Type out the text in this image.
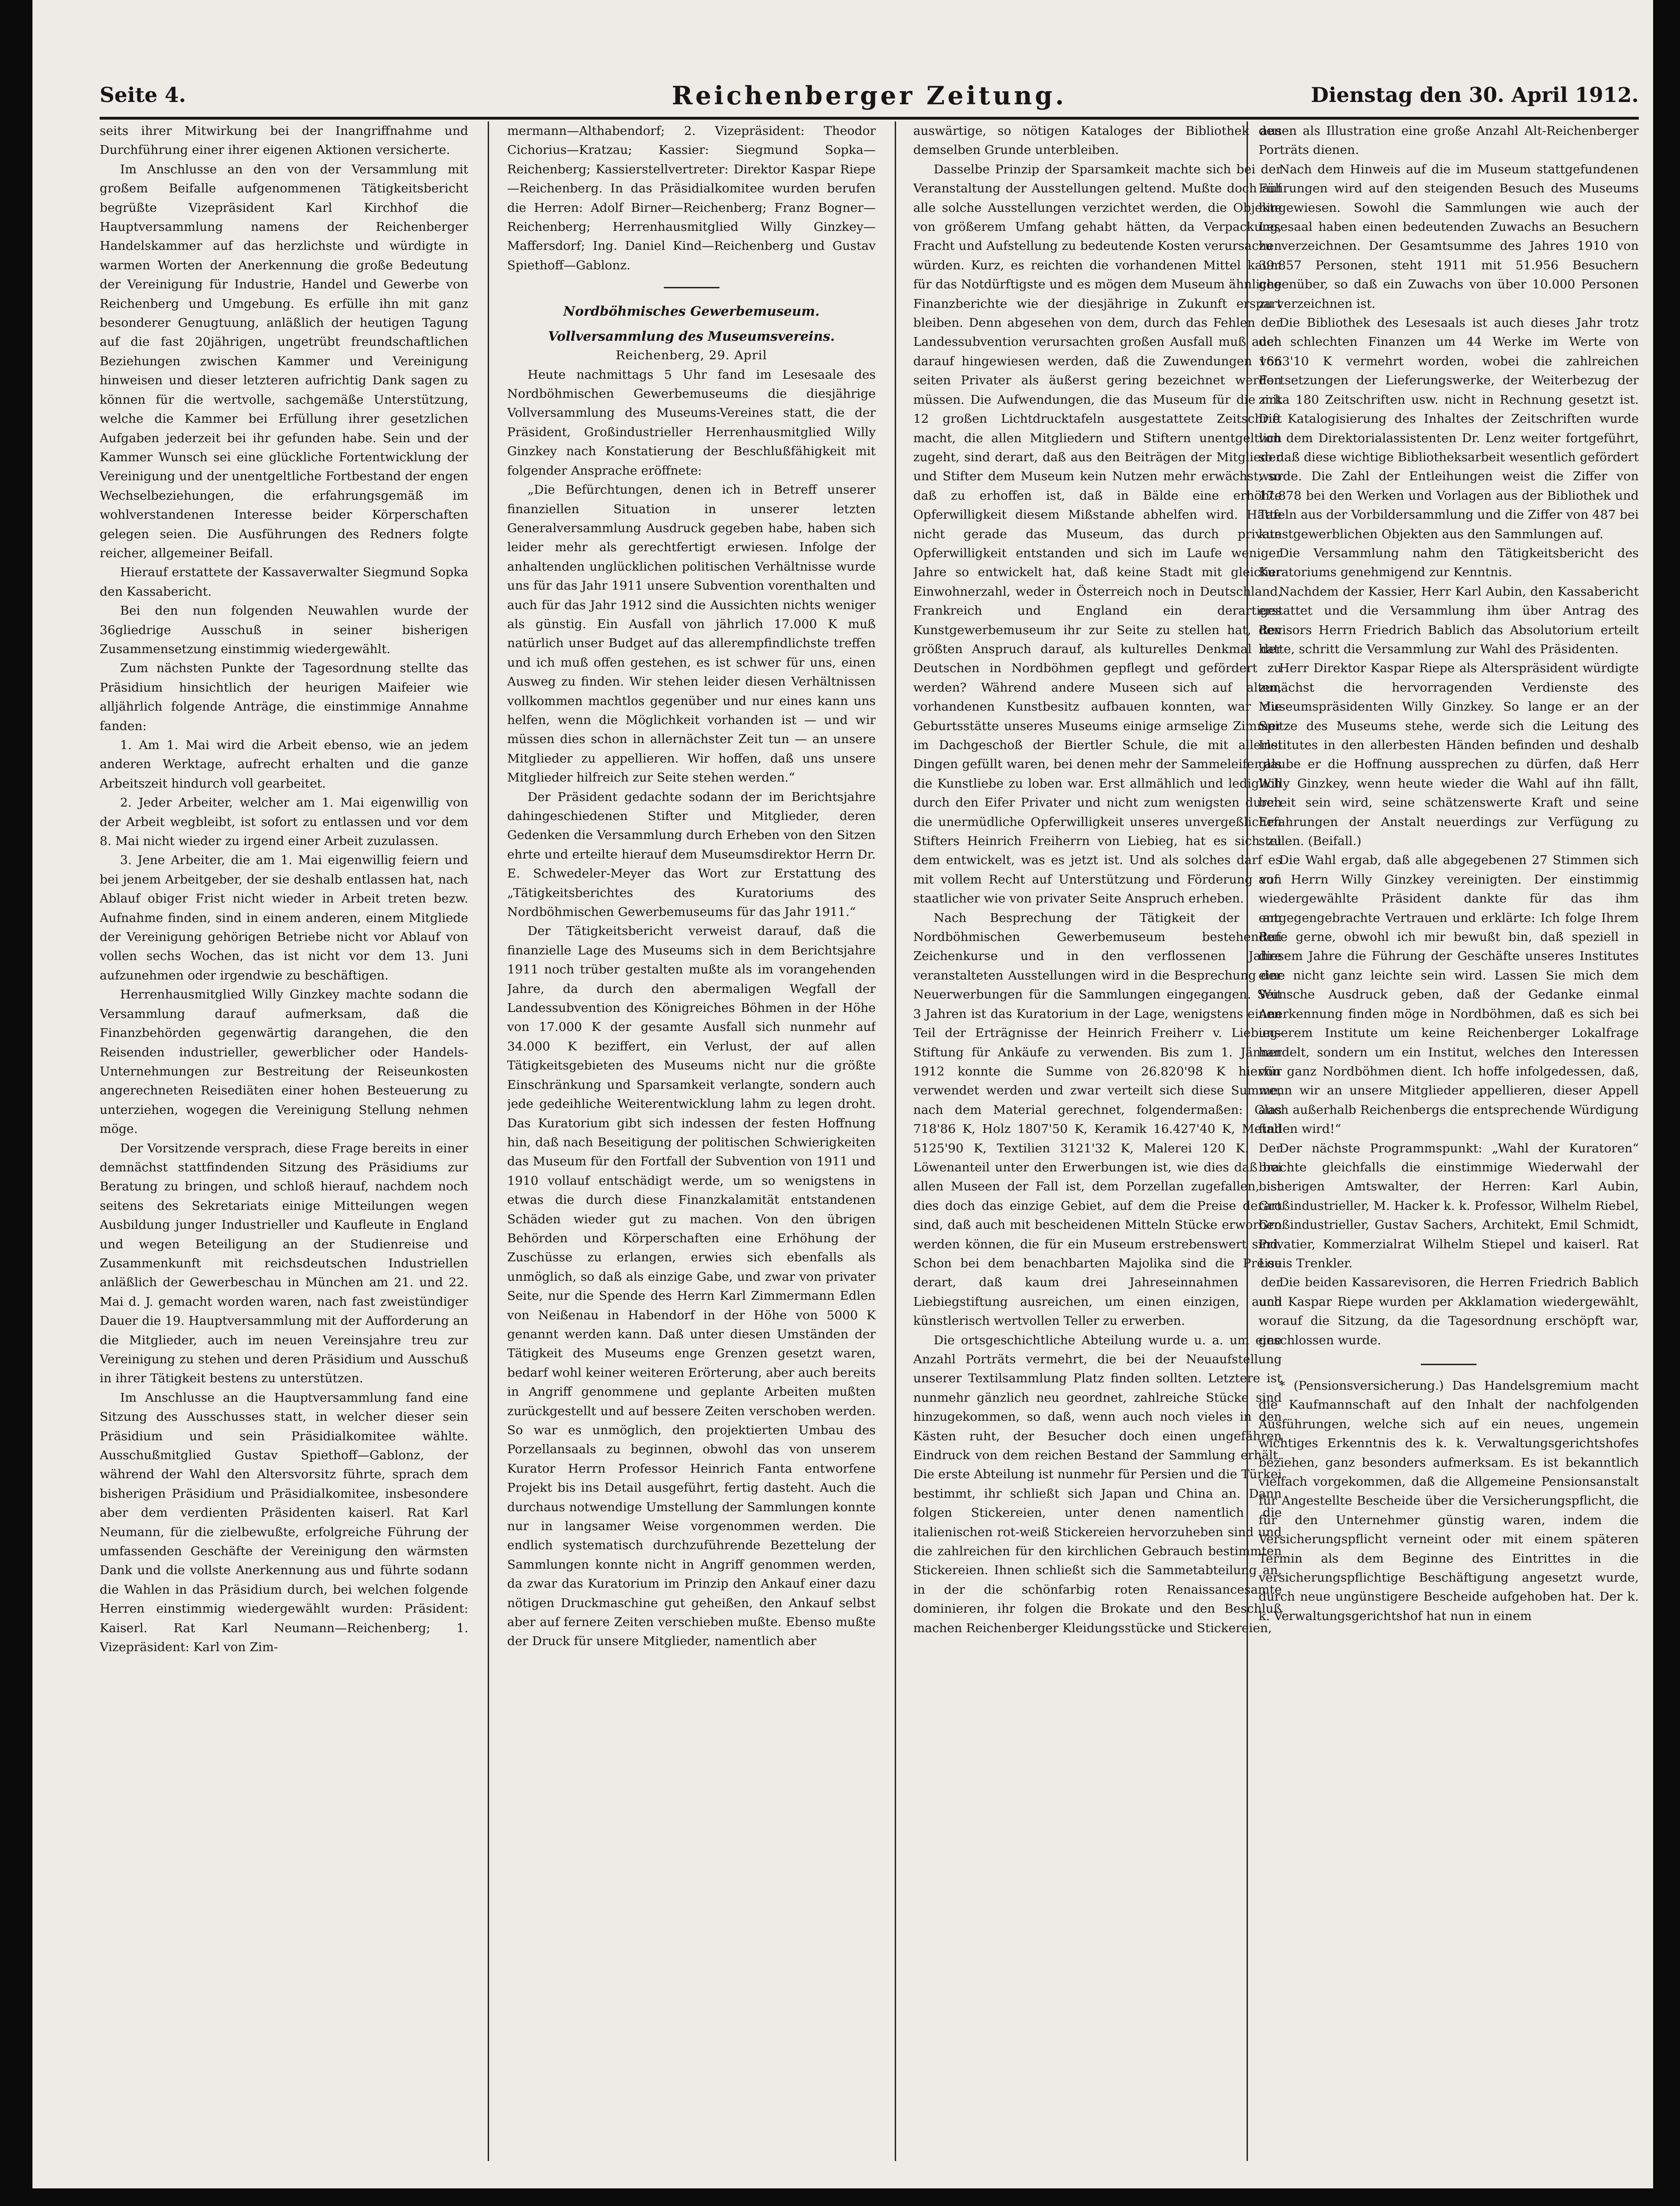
Seite 4.	Reichenberger Zeitung.	Dienstag den 30. April 1912.

seits ihrer Mitwirkung bei der Inangriffnahme und Durchführung einer ihrer eigenen Aktionen versicherte.

Im Anschlusse an den von der Versammlung mit großem Beifalle aufgenommenen Tätigkeitsbericht begrüßte Vizepräsident Karl Kirchhof die Hauptversammlung namens der Reichenberger Handelskammer auf das herzlichste und würdigte in warmen Worten der Anerkennung die große Bedeutung der Vereinigung für Industrie, Handel und Gewerbe von Reichenberg und Umgebung. Es erfülle ihn mit ganz besonderer Genugtuung, anläßlich der heutigen Tagung auf die fast 20jährigen, ungetrübt freundschaftlichen Beziehungen zwischen Kammer und Vereinigung hinweisen und dieser letzteren aufrichtig Dank sagen zu können für die wertvolle, sachgemäße Unterstützung, welche die Kammer bei Erfüllung ihrer gesetzlichen Aufgaben jederzeit bei ihr gefunden habe. Sein und der Kammer Wunsch sei eine glückliche Fortentwicklung der Vereinigung und der unentgeltliche Fortbestand der engen Wechselbeziehungen, die erfahrungsgemäß im wohlverstandenen Interesse beider Körperschaften gelegen seien. Die Ausführungen des Redners folgte reicher, allgemeiner Beifall.

Hierauf erstattete der Kassaverwalter Siegmund Sopka den Kassabericht.

Bei den nun folgenden Neuwahlen wurde der 36gliedrige Ausschuß in seiner bisherigen Zusammensetzung einstimmig wiedergewählt.

Zum nächsten Punkte der Tagesordnung stellte das Präsidium hinsichtlich der heurigen Maifeier wie alljährlich folgende Anträge, die einstimmige Annahme fanden:

1. Am 1. Mai wird die Arbeit ebenso, wie an jedem anderen Werktage, aufrecht erhalten und die ganze Arbeitszeit hindurch voll gearbeitet.

2. Jeder Arbeiter, welcher am 1. Mai eigenwillig von der Arbeit wegbleibt, ist sofort zu entlassen und vor dem 8. Mai nicht wieder zu irgend einer Arbeit zuzulassen.

3. Jene Arbeiter, die am 1. Mai eigenwillig feiern und bei jenem Arbeitgeber, der sie deshalb entlassen hat, nach Ablauf obiger Frist nicht wieder in Arbeit treten bezw. Aufnahme finden, sind in einem anderen, einem Mitgliede der Vereinigung gehörigen Betriebe nicht vor Ablauf von vollen sechs Wochen, das ist nicht vor dem 13. Juni aufzunehmen oder irgendwie zu beschäftigen.

Herrenhausmitglied Willy Ginzkey machte sodann die Versammlung darauf aufmerksam, daß die Finanzbehörden gegenwärtig darangehen, die den Reisenden industrieller, gewerblicher oder Handels-Unternehmungen zur Bestreitung der Reiseunkosten angerechneten Reisediäten einer hohen Besteuerung zu unterziehen, wogegen die Vereinigung Stellung nehmen möge.

Der Vorsitzende versprach, diese Frage bereits in einer demnächst stattfindenden Sitzung des Präsidiums zur Beratung zu bringen, und schloß hierauf, nachdem noch seitens des Sekretariats einige Mitteilungen wegen Ausbildung junger Industrieller und Kaufleute in England und wegen Beteiligung an der Studienreise und Zusammenkunft mit reichsdeutschen Industriellen anläßlich der Gewerbeschau in München am 21. und 22. Mai d. J. gemacht worden waren, nach fast zweistündiger Dauer die 19. Hauptversammlung mit der Aufforderung an die Mitglieder, auch im neuen Vereinsjahre treu zur Vereinigung zu stehen und deren Präsidium und Ausschuß in ihrer Tätigkeit bestens zu unterstützen.

Im Anschlusse an die Hauptversammlung fand eine Sitzung des Ausschusses statt, in welcher dieser sein Präsidium und sein Präsidialkomitee wählte. Ausschußmitglied Gustav Spiethoff—Gablonz, der während der Wahl den Altersvorsitz führte, sprach dem bisherigen Präsidium und Präsidialkomitee, insbesondere aber dem verdienten Präsidenten kaiserl. Rat Karl Neumann, für die zielbewußte, erfolgreiche Führung der umfassenden Geschäfte der Vereinigung den wärmsten Dank und die vollste Anerkennung aus und führte sodann die Wahlen in das Präsidium durch, bei welchen folgende Herren einstimmig wiedergewählt wurden: Präsident: Kaiserl. Rat Karl Neumann—Reichenberg; 1. Vizepräsident: Karl von Zim-

mermann—Althabendorf; 2. Vizepräsident: Theodor Cichorius—Kratzau; Kassier: Siegmund Sopka—Reichenberg; Kassierstellvertreter: Direktor Kaspar Riepe—Reichenberg. In das Präsidialkomitee wurden berufen die Herren: Adolf Birner—Reichenberg; Franz Bogner—Reichenberg; Herrenhausmitglied Willy Ginzkey—Maffersdorf; Ing. Daniel Kind—Reichenberg und Gustav Spiethoff—Gablonz.

Nordböhmisches Gewerbemuseum.
Vollversammlung des Museumsvereins.

Reichenberg, 29. April

Heute nachmittags 5 Uhr fand im Lesesaale des Nordböhmischen Gewerbemuseums die diesjährige Vollversammlung des Museums-Vereines statt, die der Präsident, Großindustrieller Herrenhausmitglied Willy Ginzkey nach Konstatierung der Beschlußfähigkeit mit folgender Ansprache eröffnete:

„Die Befürchtungen, denen ich in Betreff unserer finanziellen Situation in unserer letzten Generalversammlung Ausdruck gegeben habe, haben sich leider mehr als gerechtfertigt erwiesen. Infolge der anhaltenden unglücklichen politischen Verhältnisse wurde uns für das Jahr 1911 unsere Subvention vorenthalten und auch für das Jahr 1912 sind die Aussichten nichts weniger als günstig. Ein Ausfall von jährlich 17.000 K muß natürlich unser Budget auf das allerempfindlichste treffen und ich muß offen gestehen, es ist schwer für uns, einen Ausweg zu finden. Wir stehen leider diesen Verhältnissen vollkommen machtlos gegenüber und nur eines kann uns helfen, wenn die Möglichkeit vorhanden ist — und wir müssen dies schon in allernächster Zeit tun — an unsere Mitglieder zu appellieren. Wir hoffen, daß uns unsere Mitglieder hilfreich zur Seite stehen werden.“

Der Präsident gedachte sodann der im Berichtsjahre dahingeschiedenen Stifter und Mitglieder, deren Gedenken die Versammlung durch Erheben von den Sitzen ehrte und erteilte hierauf dem Museumsdirektor Herrn Dr. E. Schwedeler-Meyer das Wort zur Erstattung des „Tätigkeitsberichtes des Kuratoriums des Nordböhmischen Gewerbemuseums für das Jahr 1911.“

Der Tätigkeitsbericht verweist darauf, daß die finanzielle Lage des Museums sich in dem Berichtsjahre 1911 noch trüber gestalten mußte als im vorangehenden Jahre, da durch den abermaligen Wegfall der Landessubvention des Königreiches Böhmen in der Höhe von 17.000 K der gesamte Ausfall sich nunmehr auf 34.000 K beziffert, ein Verlust, der auf allen Tätigkeitsgebieten des Museums nicht nur die größte Einschränkung und Sparsamkeit verlangte, sondern auch jede gedeihliche Weiterentwicklung lahm zu legen droht. Das Kuratorium gibt sich indessen der festen Hoffnung hin, daß nach Beseitigung der politischen Schwierigkeiten das Museum für den Fortfall der Subvention von 1911 und 1910 vollauf entschädigt werde, um so wenigstens in etwas die durch diese Finanzkalamität entstandenen Schäden wieder gut zu machen. Von den übrigen Behörden und Körperschaften eine Erhöhung der Zuschüsse zu erlangen, erwies sich ebenfalls als unmöglich, so daß als einzige Gabe, und zwar von privater Seite, nur die Spende des Herrn Karl Zimmermann Edlen von Neißenau in Habendorf in der Höhe von 5000 K genannt werden kann. Daß unter diesen Umständen der Tätigkeit des Museums enge Grenzen gesetzt waren, bedarf wohl keiner weiteren Erörterung, aber auch bereits in Angriff genommene und geplante Arbeiten mußten zurückgestellt und auf bessere Zeiten verschoben werden. So war es unmöglich, den projektierten Umbau des Porzellansaals zu beginnen, obwohl das von unserem Kurator Herrn Professor Heinrich Fanta entworfene Projekt bis ins Detail ausgeführt, fertig dasteht. Auch die durchaus notwendige Umstellung der Sammlungen konnte nur in langsamer Weise vorgenommen werden. Die endlich systematisch durchzuführende Bezettelung der Sammlungen konnte nicht in Angriff genommen werden, da zwar das Kuratorium im Prinzip den Ankauf einer dazu nötigen Druckmaschine gut geheißen, den Ankauf selbst aber auf fernere Zeiten verschieben mußte. Ebenso mußte der Druck für unsere Mitglieder, namentlich aber

auswärtige, so nötigen Kataloges der Bibliothek aus demselben Grunde unterbleiben.

Dasselbe Prinzip der Sparsamkeit machte sich bei der Veranstaltung der Ausstellungen geltend. Mußte doch auf alle solche Ausstellungen verzichtet werden, die Objekte von größerem Umfang gehabt hätten, da Verpackung, Fracht und Aufstellung zu bedeutende Kosten verursachen würden. Kurz, es reichten die vorhandenen Mittel kaum für das Notdürftigste und es mögen dem Museum ähnliche Finanzberichte wie der diesjährige in Zukunft erspart bleiben. Denn abgesehen von dem, durch das Fehlen der Landessubvention verursachten großen Ausfall muß auch darauf hingewiesen werden, daß die Zuwendungen von seiten Privater als äußerst gering bezeichnet werden müssen. Die Aufwendungen, die das Museum für die mit 12 großen Lichtdrucktafeln ausgestattete Zeitschrift macht, die allen Mitgliedern und Stiftern unentgeltlich zugeht, sind derart, daß aus den Beiträgen der Mitglieder und Stifter dem Museum kein Nutzen mehr erwächst, so daß zu erhoffen ist, daß in Bälde eine erhöhte Opferwilligkeit diesem Mißstande abhelfen wird. Hätte nicht gerade das Museum, das durch private Opferwilligkeit entstanden und sich im Laufe weniger Jahre so entwickelt hat, daß keine Stadt mit gleicher Einwohnerzahl, weder in Österreich noch in Deutschland, Frankreich und England ein derartiges Kunstgewerbemuseum ihr zur Seite zu stellen hat, den größten Anspruch darauf, als kulturelles Denkmal der Deutschen in Nordböhmen gepflegt und gefördert zu werden? Während andere Museen sich auf alten, vorhandenen Kunstbesitz aufbauen konnten, war die Geburtsstätte unseres Museums einige armselige Zimmer im Dachgeschoß der Biertler Schule, die mit allerlei Dingen gefüllt waren, bei denen mehr der Sammeleifer als die Kunstliebe zu loben war. Erst allmählich und lediglich durch den Eifer Privater und nicht zum wenigsten durch die unermüdliche Opferwilligkeit unseres unvergeßlichen Stifters Heinrich Freiherrn von Liebieg, hat es sich zu dem entwickelt, was es jetzt ist. Und als solches darf es mit vollem Recht auf Unterstützung und Förderung von staatlicher wie von privater Seite Anspruch erheben.

Nach Besprechung der Tätigkeit der am Nordböhmischen Gewerbemuseum bestehenden Zeichenkurse und in den verflossenen Jahre veranstalteten Ausstellungen wird in die Besprechung der Neuerwerbungen für die Sammlungen eingegangen. Seit 3 Jahren ist das Kuratorium in der Lage, wenigstens einen Teil der Erträgnisse der Heinrich Freiherr v. Liebieg-Stiftung für Ankäufe zu verwenden. Bis zum 1. Jänner 1912 konnte die Summe von 26.820'98 K hierfür verwendet werden und zwar verteilt sich diese Summe, nach dem Material gerechnet, folgendermaßen: Glas 718'86 K, Holz 1807'50 K, Keramik 16.427'40 K, Metall 5125'90 K, Textilien 3121'32 K, Malerei 120 K. Der Löwenanteil unter den Erwerbungen ist, wie dies daß bei allen Museen der Fall ist, dem Porzellan zugefallen, ist dies doch das einzige Gebiet, auf dem die Preise derart sind, daß auch mit bescheidenen Mitteln Stücke erworben werden können, die für ein Museum erstrebenswert sind. Schon bei dem benachbarten Majolika sind die Preise derart, daß kaum drei Jahreseinnahmen der Liebiegstiftung ausreichen, um einen einzigen, auch künstlerisch wertvollen Teller zu erwerben.

Die ortsgeschichtliche Abteilung wurde u. a. um eine Anzahl Porträts vermehrt, die bei der Neuaufstellung unserer Textilsammlung Platz finden sollten. Letztere ist nunmehr gänzlich neu geordnet, zahlreiche Stücke sind hinzugekommen, so daß, wenn auch noch vieles in den Kästen ruht, der Besucher doch einen ungefähren Eindruck von dem reichen Bestand der Sammlung erhält. Die erste Abteilung ist nunmehr für Persien und die Türkei bestimmt, ihr schließt sich Japan und China an. Dann folgen Stickereien, unter denen namentlich die italienischen rot-weiß Stickereien hervorzuheben sind und die zahlreichen für den kirchlichen Gebrauch bestimmten Stickereien. Ihnen schließt sich die Sammetabteilung an, in der die schönfarbig roten Renaissancesamte dominieren, ihr folgen die Brokate und den Beschluß machen Reichenberger Kleidungsstücke und Stickereien,

denen als Illustration eine große Anzahl Alt-Reichenberger Porträts dienen.

Nach dem Hinweis auf die im Museum stattgefundenen Führungen wird auf den steigenden Besuch des Museums hingewiesen. Sowohl die Sammlungen wie auch der Lesesaal haben einen bedeutenden Zuwachs an Besuchern zu verzeichnen. Der Gesamtsumme des Jahres 1910 von 39.857 Personen, steht 1911 mit 51.956 Besuchern gegenüber, so daß ein Zuwachs von über 10.000 Personen zu verzeichnen ist.

Die Bibliothek des Lesesaals ist auch dieses Jahr trotz der schlechten Finanzen um 44 Werke im Werte von 1663'10 K vermehrt worden, wobei die zahlreichen Fortsetzungen der Lieferungswerke, der Weiterbezug der zirka 180 Zeitschriften usw. nicht in Rechnung gesetzt ist. Die Katalogisierung des Inhaltes der Zeitschriften wurde von dem Direktorialassistenten Dr. Lenz weiter fortgeführt, so daß diese wichtige Bibliotheksarbeit wesentlich gefördert wurde. Die Zahl der Entleihungen weist die Ziffer von 17.878 bei den Werken und Vorlagen aus der Bibliothek und Tafeln aus der Vorbildersammlung und die Ziffer von 487 bei kunstgewerblichen Objekten aus den Sammlungen auf.

Die Versammlung nahm den Tätigkeitsbericht des Kuratoriums genehmigend zur Kenntnis.

Nachdem der Kassier, Herr Karl Aubin, den Kassabericht erstattet und die Versammlung ihm über Antrag des Revisors Herrn Friedrich Bablich das Absolutorium erteilt hatte, schritt die Versammlung zur Wahl des Präsidenten.

Herr Direktor Kaspar Riepe als Alterspräsident würdigte zunächst die hervorragenden Verdienste des Museumspräsidenten Willy Ginzkey. So lange er an der Spitze des Museums stehe, werde sich die Leitung des Institutes in den allerbesten Händen befinden und deshalb glaube er die Hoffnung aussprechen zu dürfen, daß Herr Willy Ginzkey, wenn heute wieder die Wahl auf ihn fällt, bereit sein wird, seine schätzenswerte Kraft und seine Erfahrungen der Anstalt neuerdings zur Verfügung zu stellen. (Beifall.)

Die Wahl ergab, daß alle abgegebenen 27 Stimmen sich auf Herrn Willy Ginzkey vereinigten. Der einstimmig wiedergewählte Präsident dankte für das ihm entgegengebrachte Vertrauen und erklärte: Ich folge Ihrem Rufe gerne, obwohl ich mir bewußt bin, daß speziell in diesem Jahre die Führung der Geschäfte unseres Institutes eine nicht ganz leichte sein wird. Lassen Sie mich dem Wunsche Ausdruck geben, daß der Gedanke einmal Anerkennung finden möge in Nordböhmen, daß es sich bei unserem Institute um keine Reichenberger Lokalfrage handelt, sondern um ein Institut, welches den Interessen von ganz Nordböhmen dient. Ich hoffe infolgedessen, daß, wenn wir an unsere Mitglieder appellieren, dieser Appell auch außerhalb Reichenbergs die entsprechende Würdigung finden wird!“

Der nächste Programmspunkt: „Wahl der Kuratoren“ brachte gleichfalls die einstimmige Wiederwahl der bisherigen Amtswalter, der Herren: Karl Aubin, Großindustrieller, M. Hacker k. k. Professor, Wilhelm Riebel, Großindustrieller, Gustav Sachers, Architekt, Emil Schmidt, Privatier, Kommerzialrat Wilhelm Stiepel und kaiserl. Rat Louis Trenkler.

Die beiden Kassarevisoren, die Herren Friedrich Bablich und Kaspar Riepe wurden per Akklamation wiedergewählt, worauf die Sitzung, da die Tagesordnung erschöpft war, geschlossen wurde.

* (Pensionsversicherung.) Das Handelsgremium macht die Kaufmannschaft auf den Inhalt der nachfolgenden Ausführungen, welche sich auf ein neues, ungemein wichtiges Erkenntnis des k. k. Verwaltungsgerichtshofes beziehen, ganz besonders aufmerksam. Es ist bekanntlich vielfach vorgekommen, daß die Allgemeine Pensionsanstalt für Angestellte Bescheide über die Versicherungspflicht, die für den Unternehmer günstig waren, indem die Versicherungspflicht verneint oder mit einem späteren Termin als dem Beginne des Eintrittes in die versicherungspflichtige Beschäftigung angesetzt wurde, durch neue ungünstigere Bescheide aufgehoben hat. Der k. k. Verwaltungsgerichtshof hat nun in einem
